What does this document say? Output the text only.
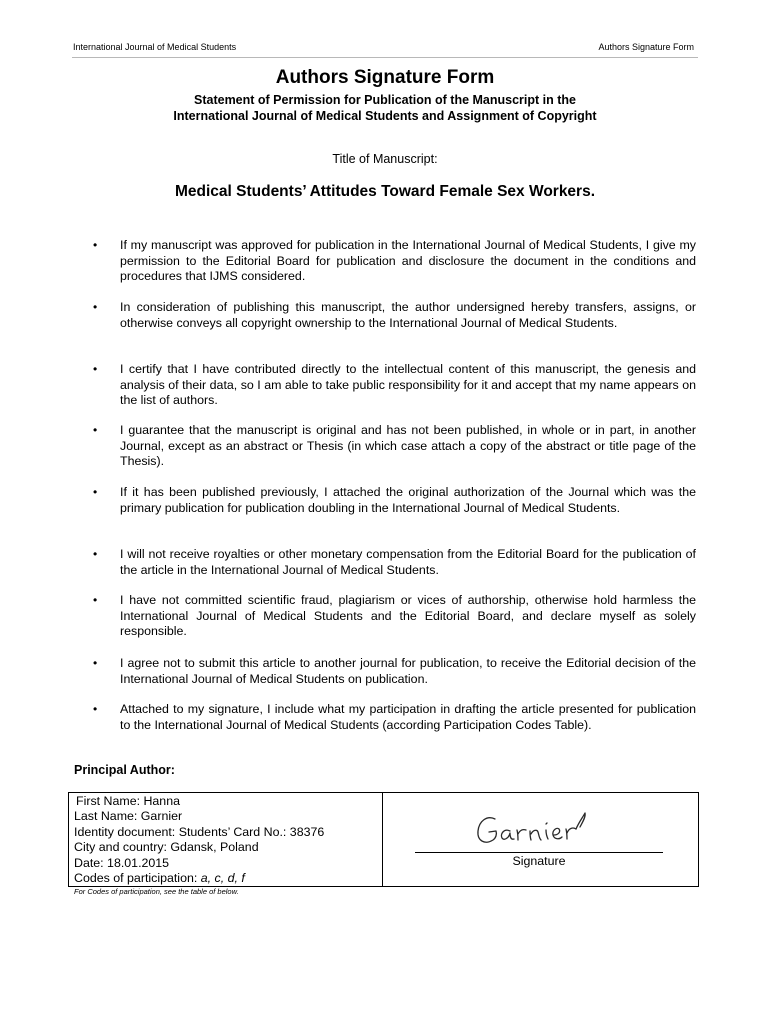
International Journal of Medical Students	Authors Signature Form
Authors Signature Form
Statement of Permission for Publication of the Manuscript in the
International Journal of Medical Students and Assignment of Copyright
Title of Manuscript:
Medical Students’ Attitudes Toward Female Sex Workers.
• If my manuscript was approved for publication in the International Journal of Medical Students, I give my permission to the Editorial Board for publication and disclosure the document in the conditions and procedures that IJMS considered.
• In consideration of publishing this manuscript, the author undersigned hereby transfers, assigns, or otherwise conveys all copyright ownership to the International Journal of Medical Students.
• I certify that I have contributed directly to the intellectual content of this manuscript, the genesis and analysis of their data, so I am able to take public responsibility for it and accept that my name appears on the list of authors.
• I guarantee that the manuscript is original and has not been published, in whole or in part, in another Journal, except as an abstract or Thesis (in which case attach a copy of the abstract or title page of the Thesis).
• If it has been published previously, I attached the original authorization of the Journal which was the primary publication for publication doubling in the International Journal of Medical Students.
• I will not receive royalties or other monetary compensation from the Editorial Board for the publication of the article in the International Journal of Medical Students.
• I have not committed scientific fraud, plagiarism or vices of authorship, otherwise hold harmless the International Journal of Medical Students and the Editorial Board, and declare myself as solely responsible.
• I agree not to submit this article to another journal for publication, to receive the Editorial decision of the International Journal of Medical Students on publication.
• Attached to my signature, I include what my participation in drafting the article presented for publication to the International Journal of Medical Students (according Participation Codes Table).
Principal Author:
First Name: Hanna
Last Name: Garnier
Identity document: Students’ Card No.: 38376
City and country: Gdansk, Poland
Date: 18.01.2015
Codes of participation: a, c, d, f
Signature
For Codes of participation, see the table of below.
